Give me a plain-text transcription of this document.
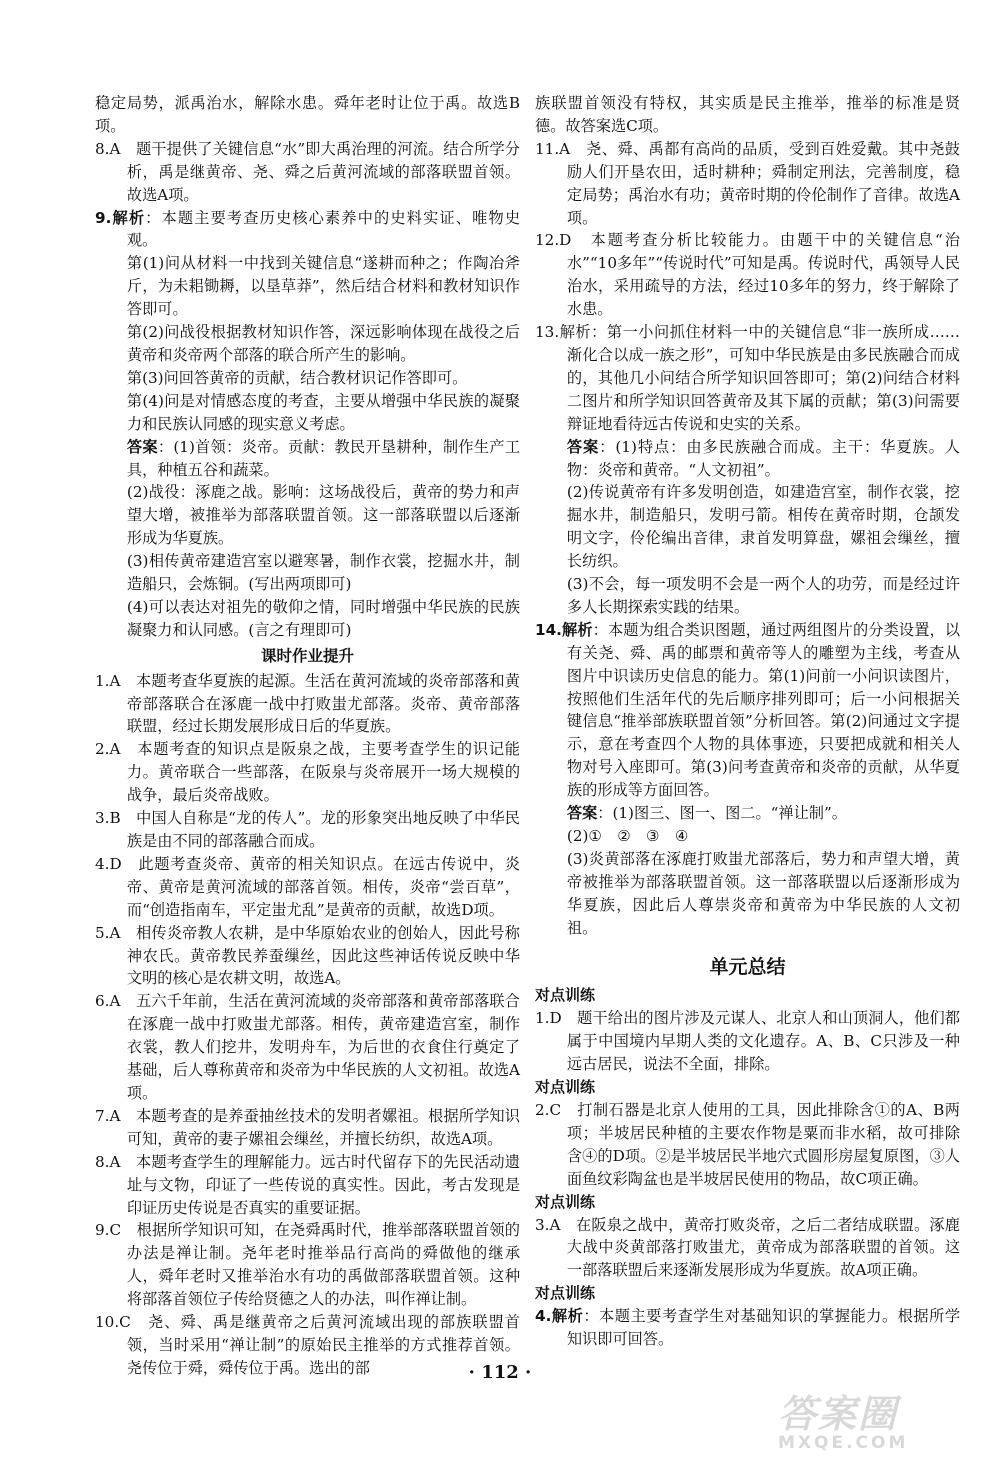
稳定局势，派禹治水，解除水患。舜年老时让位于禹。故选B项。

8.A　题干提供了关键信息“水”即大禹治理的河流。结合所学分析，禹是继黄帝、尧、舜之后黄河流域的部落联盟首领。故选A项。

9.解析：本题主要考查历史核心素养中的史料实证、唯物史观。

第(1)问从材料一中找到关键信息“遂耕而种之；作陶冶斧斤，为未耜锄耨，以垦草莽”，然后结合材料和教材知识作答即可。

第(2)问战役根据教材知识作答，深远影响体现在战役之后黄帝和炎帝两个部落的联合所产生的影响。

第(3)问回答黄帝的贡献，结合教材识记作答即可。

第(4)问是对情感态度的考查，主要从增强中华民族的凝聚力和民族认同感的现实意义考虑。

答案：(1)首领：炎帝。贡献：教民开垦耕种，制作生产工具，种植五谷和蔬菜。

(2)战役：涿鹿之战。影响：这场战役后，黄帝的势力和声望大增，被推举为部落联盟首领。这一部落联盟以后逐渐形成为华夏族。

(3)相传黄帝建造宫室以避寒暑，制作衣裳，挖掘水井，制造船只，会炼铜。(写出两项即可)

(4)可以表达对祖先的敬仰之情，同时增强中华民族的民族凝聚力和认同感。(言之有理即可)

课时作业提升

1.A　本题考查华夏族的起源。生活在黄河流域的炎帝部落和黄帝部落联合在涿鹿一战中打败蚩尤部落。炎帝、黄帝部落联盟，经过长期发展形成日后的华夏族。

2.A　本题考查的知识点是阪泉之战，主要考查学生的识记能力。黄帝联合一些部落，在阪泉与炎帝展开一场大规模的战争，最后炎帝战败。

3.B　中国人自称是“龙的传人”。龙的形象突出地反映了中华民族是由不同的部落融合而成。

4.D　此题考查炎帝、黄帝的相关知识点。在远古传说中，炎帝、黄帝是黄河流域的部落首领。相传，炎帝“尝百草”，而“创造指南车，平定蚩尤乱”是黄帝的贡献，故选D项。

5.A　相传炎帝教人农耕，是中华原始农业的创始人，因此号称神农氏。黄帝教民养蚕缫丝，因此这些神话传说反映中华文明的核心是农耕文明，故选A。

6.A　五六千年前，生活在黄河流域的炎帝部落和黄帝部落联合在涿鹿一战中打败蚩尤部落。相传，黄帝建造宫室，制作衣裳，教人们挖井，发明舟车，为后世的衣食住行奠定了基础，后人尊称黄帝和炎帝为中华民族的人文初祖。故选A项。

7.A　本题考查的是养蚕抽丝技术的发明者嫘祖。根据所学知识可知，黄帝的妻子嫘祖会缫丝，并擅长纺织，故选A项。

8.A　本题考查学生的理解能力。远古时代留存下的先民活动遗址与文物，印证了一些传说的真实性。因此，考古发现是印证历史传说是否真实的重要证据。

9.C　根据所学知识可知，在尧舜禹时代，推举部落联盟首领的办法是禅让制。尧年老时推举品行高尚的舜做他的继承人，舜年老时又推举治水有功的禹做部落联盟首领。这种将部落首领位子传给贤德之人的办法，叫作禅让制。

10.C　尧、舜、禹是继黄帝之后黄河流域出现的部族联盟首领，当时采用“禅让制”的原始民主推举的方式推荐首领。尧传位于舜，舜传位于禹。选出的部

族联盟首领没有特权，其实质是民主推举，推举的标准是贤德。故答案选C项。

11.A　尧、舜、禹都有高尚的品质，受到百姓爱戴。其中尧鼓励人们开垦农田，适时耕种；舜制定刑法，完善制度，稳定局势；禹治水有功；黄帝时期的伶伦制作了音律。故选A项。

12.D　本题考查分析比较能力。由题干中的关键信息“治水”“10多年”“传说时代”可知是禹。传说时代，禹领导人民治水，采用疏导的方法，经过10多年的努力，终于解除了水患。

13.解析：第一小问抓住材料一中的关键信息“非一族所成……渐化合以成一族之形”，可知中华民族是由多民族融合而成的，其他几小问结合所学知识回答即可；第(2)问结合材料二图片和所学知识回答黄帝及其下属的贡献；第(3)问需要辩证地看待远古传说和史实的关系。

答案：(1)特点：由多民族融合而成。主干：华夏族。人物：炎帝和黄帝。“人文初祖”。

(2)传说黄帝有许多发明创造，如建造宫室，制作衣裳，挖掘水井，制造船只，发明弓箭。相传在黄帝时期，仓颉发明文字，伶伦编出音律，隶首发明算盘，嫘祖会缫丝，擅长纺织。

(3)不会，每一项发明不会是一两个人的功劳，而是经过许多人长期探索实践的结果。

14.解析：本题为组合类识图题，通过两组图片的分类设置，以有关尧、舜、禹的邮票和黄帝等人的雕塑为主线，考查从图片中识读历史信息的能力。第(1)问前一小问识读图片，按照他们生活年代的先后顺序排列即可；后一小问根据关键信息“推举部族联盟首领”分析回答。第(2)问通过文字提示，意在考查四个人物的具体事迹，只要把成就和相关人物对号入座即可。第(3)问考查黄帝和炎帝的贡献，从华夏族的形成等方面回答。

答案：(1)图三、图一、图二。“禅让制”。

(2)①　②　③　④

(3)炎黄部落在涿鹿打败蚩尤部落后，势力和声望大增，黄帝被推举为部落联盟首领。这一部落联盟以后逐渐形成为华夏族，因此后人尊崇炎帝和黄帝为中华民族的人文初祖。

单元总结

对点训练

1.D　题干给出的图片涉及元谋人、北京人和山顶洞人，他们都属于中国境内早期人类的文化遗存。A、B、C只涉及一种远古居民，说法不全面，排除。

对点训练

2.C　打制石器是北京人使用的工具，因此排除含①的A、B两项；半坡居民种植的主要农作物是粟而非水稻，故可排除含④的D项。②是半坡居民半地穴式圆形房屋复原图，③人面鱼纹彩陶盆也是半坡居民使用的物品，故C项正确。

对点训练

3.A　在阪泉之战中，黄帝打败炎帝，之后二者结成联盟。涿鹿大战中炎黄部落打败蚩尤，黄帝成为部落联盟的首领。这一部落联盟后来逐渐发展形成为华夏族。故A项正确。

对点训练

4.解析：本题主要考查学生对基础知识的掌握能力。根据所学知识即可回答。

· 112 ·
答案圈
MXQE.COM
